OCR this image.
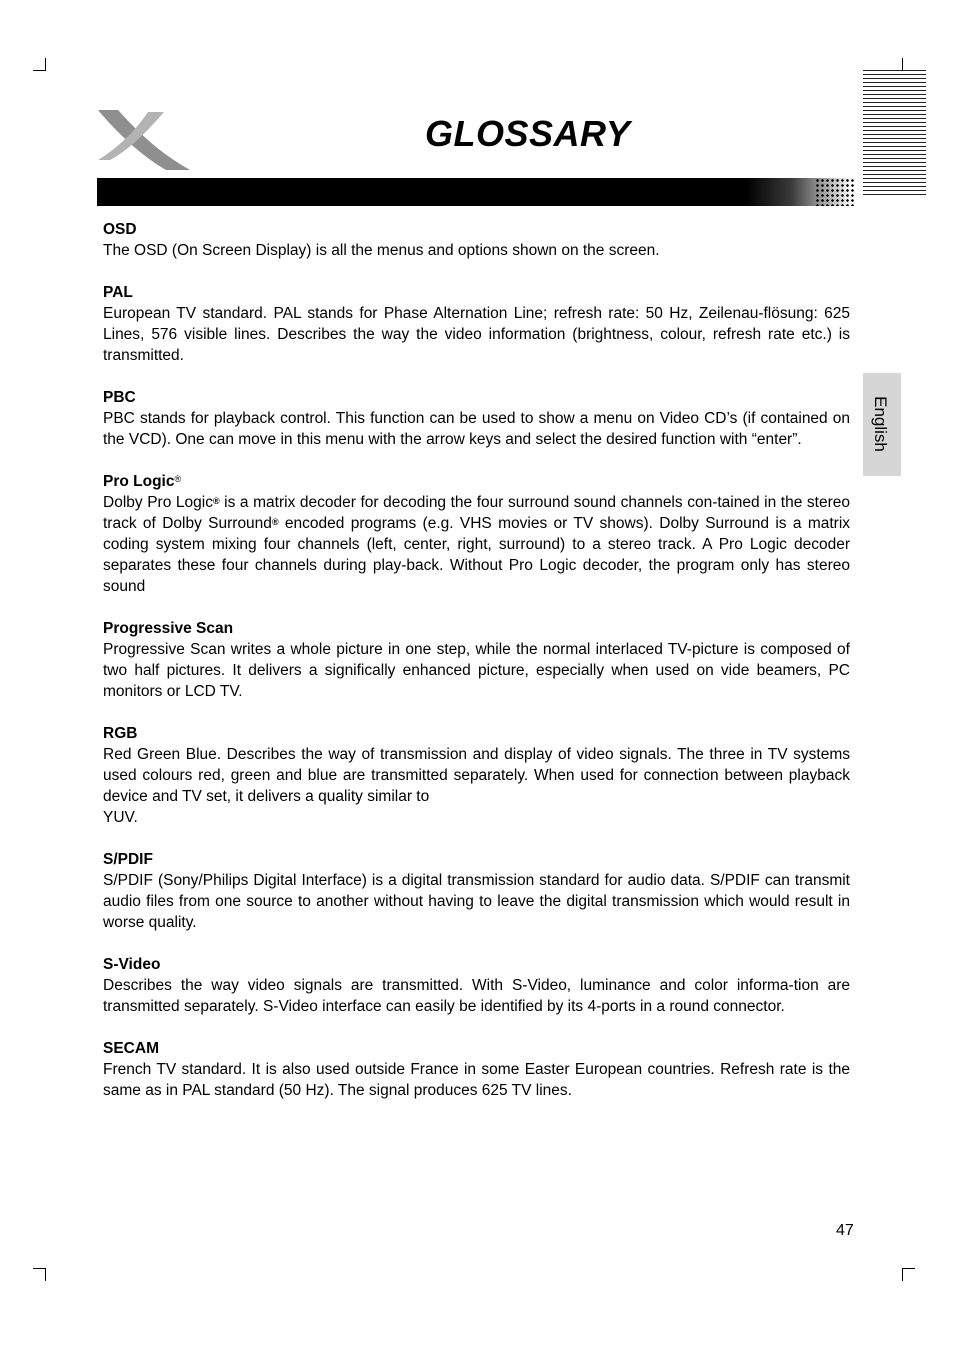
GLOSSARY
English
OSD
The OSD (On Screen Display) is all the menus and options shown on the screen.
PAL
European TV standard. PAL stands for Phase Alternation Line; refresh rate: 50 Hz, Zeilenau-flösung: 625 Lines, 576 visible lines. Describes the way the video information (brightness, colour, refresh rate etc.) is transmitted.
PBC
PBC stands for playback control. This function can be used to show a menu on Video CD’s (if contained on the VCD). One can move in this menu with the arrow keys and select the desired function with “enter”.
Pro Logic®
Dolby Pro Logic® is a matrix decoder for decoding the four surround sound channels con-tained in the stereo track of Dolby Surround® encoded programs (e.g. VHS movies or TV shows). Dolby Surround is a matrix coding system mixing four channels (left, center, right, surround) to a stereo track. A Pro Logic decoder separates these four channels during play-back. Without Pro Logic decoder, the program only has stereo sound
Progressive Scan
Progressive Scan writes a whole picture in one step, while the normal interlaced TV-picture is composed of two half pictures. It delivers a significally enhanced picture, especially when used on vide beamers, PC monitors or LCD TV.
RGB
Red Green Blue. Describes the way of transmission and display of video signals. The three in TV systems used colours red, green and blue are transmitted separately. When used for connection between playback device and TV set, it delivers a quality similar to
YUV.
S/PDIF
S/PDIF (Sony/Philips Digital Interface) is a digital transmission standard for audio data. S/PDIF can transmit audio files from one source to another without having to leave the digital transmission which would result in worse quality.
S-Video
Describes the way video signals are transmitted. With S-Video, luminance and color informa-tion are transmitted separately. S-Video interface can easily be identified by its 4-ports in a round connector.
SECAM
French TV standard. It is also used outside France in some Easter European countries. Refresh rate is the same as in PAL standard (50 Hz). The signal produces 625 TV lines.
47
